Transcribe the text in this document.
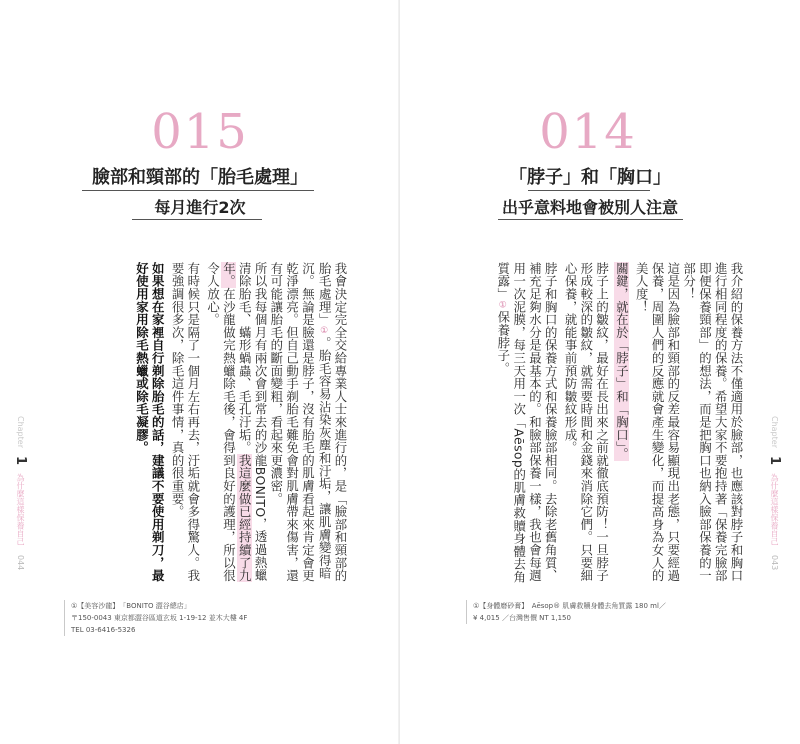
015
臉部和頸部的「胎毛處理」
每月進行2次

我會決定完全交給專業人士來進行的，是「臉部和頸部的胎毛處理」①。胎毛容易沾染灰塵和汙垢，讓肌膚變得暗沉。無論是臉還是脖子，沒有胎毛的肌膚看起來肯定會更乾淨漂亮。但自己動手剃胎毛難免會對肌膚帶來傷害，還有可能讓胎毛的斷面變粗，看起來更濃密。

所以我每個月有兩次會到常去的沙龍BONITO，透過熱蠟清除胎毛、蟎形蝸蟲、毛孔汙垢。我這麼做已經持續了九年。在沙龍做完熱蠟除毛後，會得到良好的護理，所以很令人放心。

有時候只是隔了一個月左右再去，汙垢就會多得驚人。我要強調很多次，除毛這件事情，真的很重要。

如果想在家裡自行剃除胎毛的話，建議不要使用剃刀，最好使用家用除毛熱蠟或除毛凝膠。

Chapter 1 為什麼這樣保養自己 044
①【美容沙龍】　「BONITO 澀谷總店」
〒150-0043 東京都澀谷區道玄坂 1-19-12 並木大樓 4F
TEL 03-6416-5326
014
「脖子」和「胸口」
出乎意料地會被別人注意

我介紹的保養方法不僅適用於臉部，也應該對脖子和胸口進行相同程度的保養。希望大家不要抱持著「保養完臉部即便保養頸部」的想法，而是把胸口也納入臉部保養的一部分！

這是因為臉部和頸部的反差最容易顯現出老態，只要經過保養，周圍人們的反應就會產生變化，而提高身為女人的美人度！

關鍵，就在於「脖子」和「胸口」。

脖子上的皺紋，最好在長出來之前就徹底預防！一旦脖子形成較深的皺紋，就需要時間和金錢來消除它們。只要細心保養，就能事前預防皺紋形成。

脖子和胸口的保養方式和保養臉部相同。去除老舊角質、補充足夠水分是最基本的。和臉部保養一樣，我也會每週用一次泥膜，每三天用一次「Aēsop的肌膚救贖身體去角質露」①保養脖子。

Chapter 1 為什麼這樣保養自己 043
①【身體磨砂膏】　Aēsop® 肌膚救贖身體去角質露 180 ml／
¥ 4,015 ／台灣售價 NT 1,150
